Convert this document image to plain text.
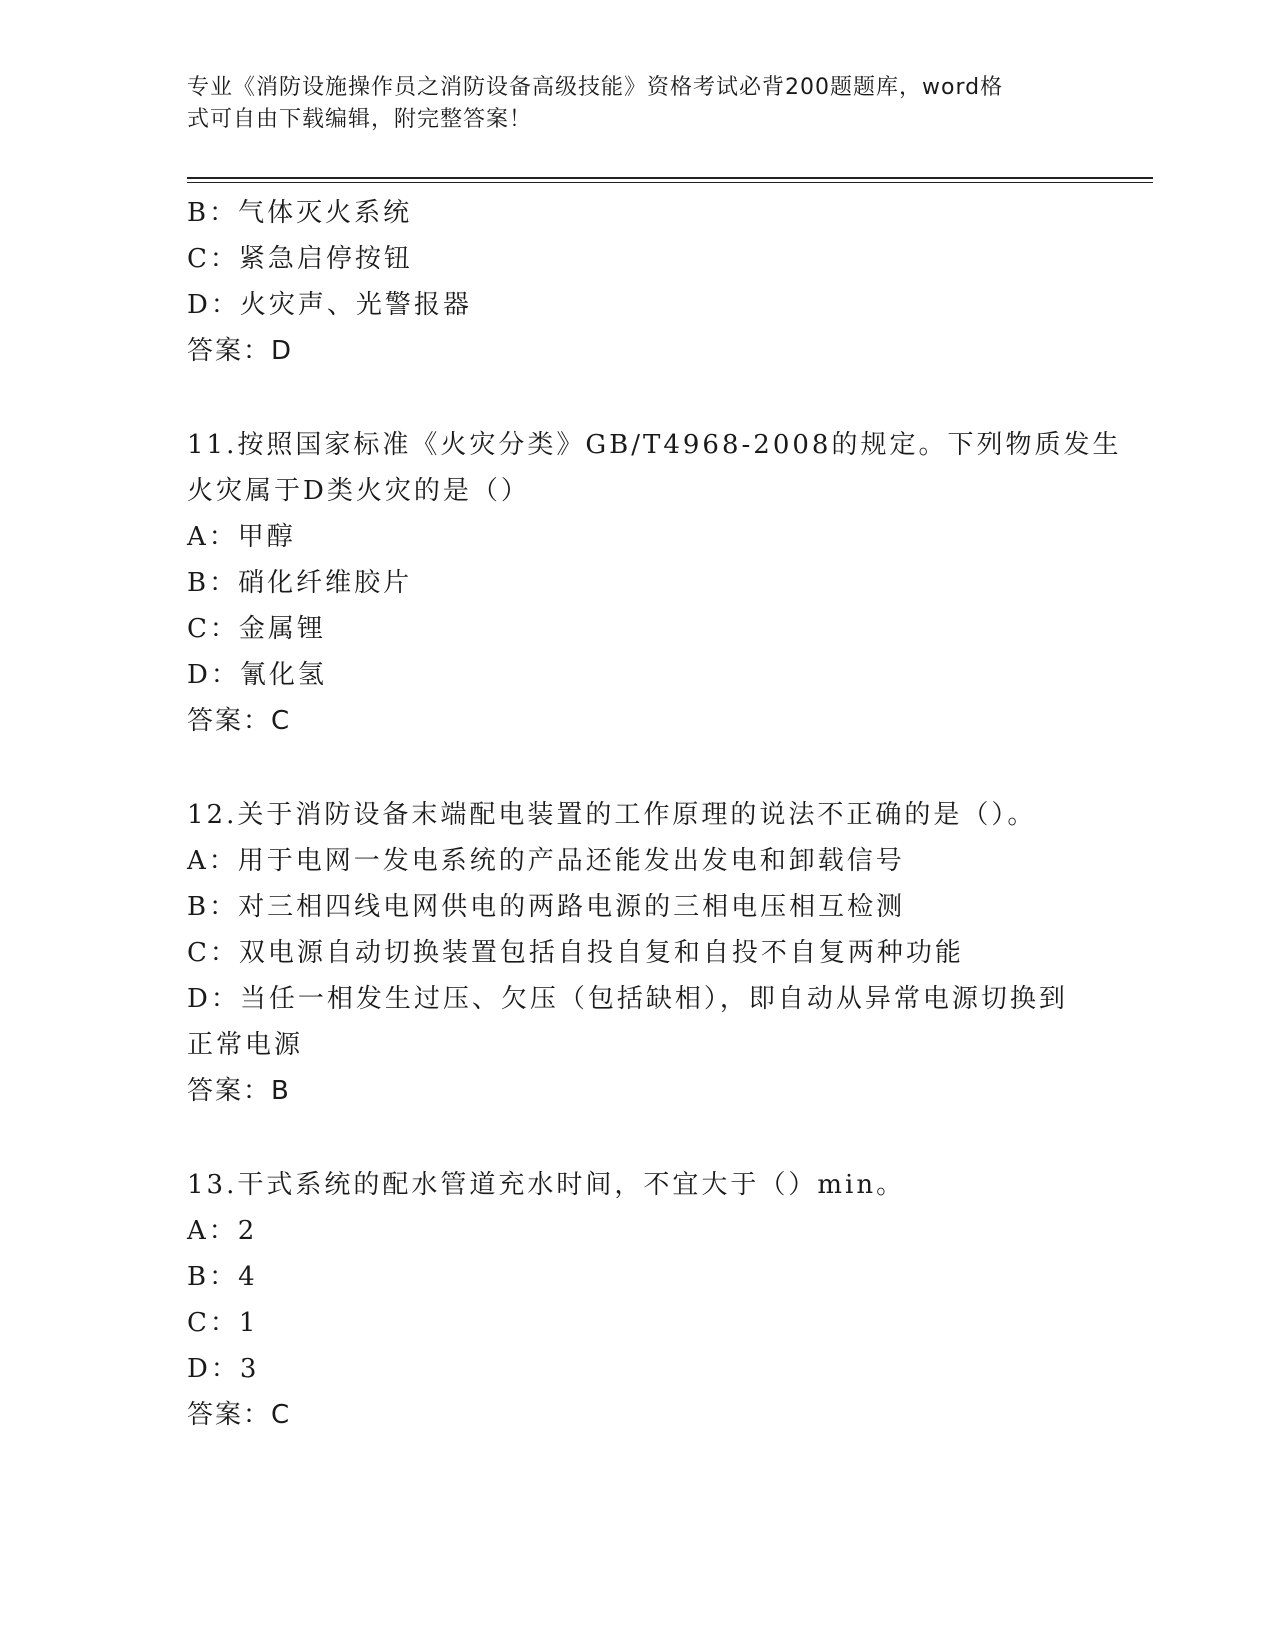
专业《消防设施操作员之消防设备高级技能》资格考试必背200题题库，word格
式可自由下载编辑，附完整答案！
B：气体灭火系统
C：紧急启停按钮
D：火灾声、光警报器
答案：D
11.按照国家标准《火灾分类》GB/T4968-2008的规定。下列物质发生
火灾属于D类火灾的是（）
A：甲醇
B：硝化纤维胶片
C：金属锂
D：氰化氢
答案：C
12.关于消防设备末端配电装置的工作原理的说法不正确的是（）。
A：用于电网一发电系统的产品还能发出发电和卸载信号
B：对三相四线电网供电的两路电源的三相电压相互检测
C：双电源自动切换装置包括自投自复和自投不自复两种功能
D：当任一相发生过压、欠压（包括缺相），即自动从异常电源切换到
正常电源
答案：B
13.干式系统的配水管道充水时间，不宜大于（）min。
A：2
B：4
C：1
D：3
答案：C
